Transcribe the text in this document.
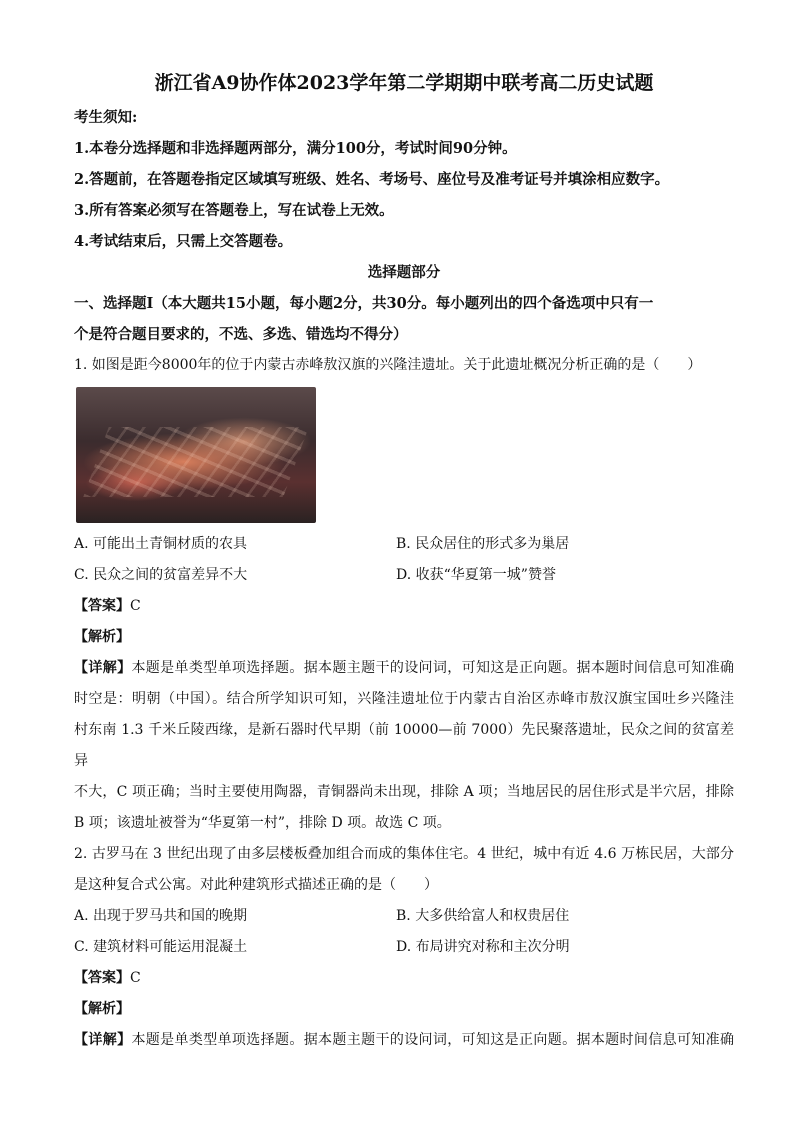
浙江省A9协作体2023学年第二学期期中联考高二历史试题
考生须知:
1.本卷分选择题和非选择题两部分，满分100分，考试时间90分钟。
2.答题前，在答题卷指定区域填写班级、姓名、考场号、座位号及准考证号并填涂相应数字。
3.所有答案必须写在答题卷上，写在试卷上无效。
4.考试结束后，只需上交答题卷。
选择题部分
一、选择题Ⅰ（本大题共15小题，每小题2分，共30分。每小题列出的四个备选项中只有一
个是符合题目要求的，不选、多选、错选均不得分）
1. 如图是距今8000年的位于内蒙古赤峰敖汉旗的兴隆洼遗址。关于此遗址概况分析正确的是（　　）
A. 可能出土青铜材质的农具	B. 民众居住的形式多为巢居
C. 民众之间的贫富差异不大	D. 收获“华夏第一城”赞誉
【答案】C
【解析】

【详解】本题是单类型单项选择题。据本题主题干的设问词，可知这是正向题。据本题时间信息可知准确

时空是：明朝（中国）。结合所学知识可知，兴隆洼遗址位于内蒙古自治区赤峰市敖汉旗宝国吐乡兴隆洼

村东南 1.3 千米丘陵西缘，是新石器时代早期（前 10000—前 7000）先民聚落遗址，民众之间的贫富差异

不大，C 项正确；当时主要使用陶器，青铜器尚未出现，排除 A 项；当地居民的居住形式是半穴居，排除

B 项；该遗址被誉为“华夏第一村”，排除 D 项。故选 C 项。

2. 古罗马在 3 世纪出现了由多层楼板叠加组合而成的集体住宅。4 世纪，城中有近 4.6 万栋民居，大部分

是这种复合式公寓。对此种建筑形式描述正确的是（　　）

A. 出现于罗马共和国的晚期	B. 大多供给富人和权贵居住
C. 建筑材料可能运用混凝土	D. 布局讲究对称和主次分明
【答案】C
【解析】

【详解】本题是单类型单项选择题。据本题主题干的设问词，可知这是正向题。据本题时间信息可知准确
